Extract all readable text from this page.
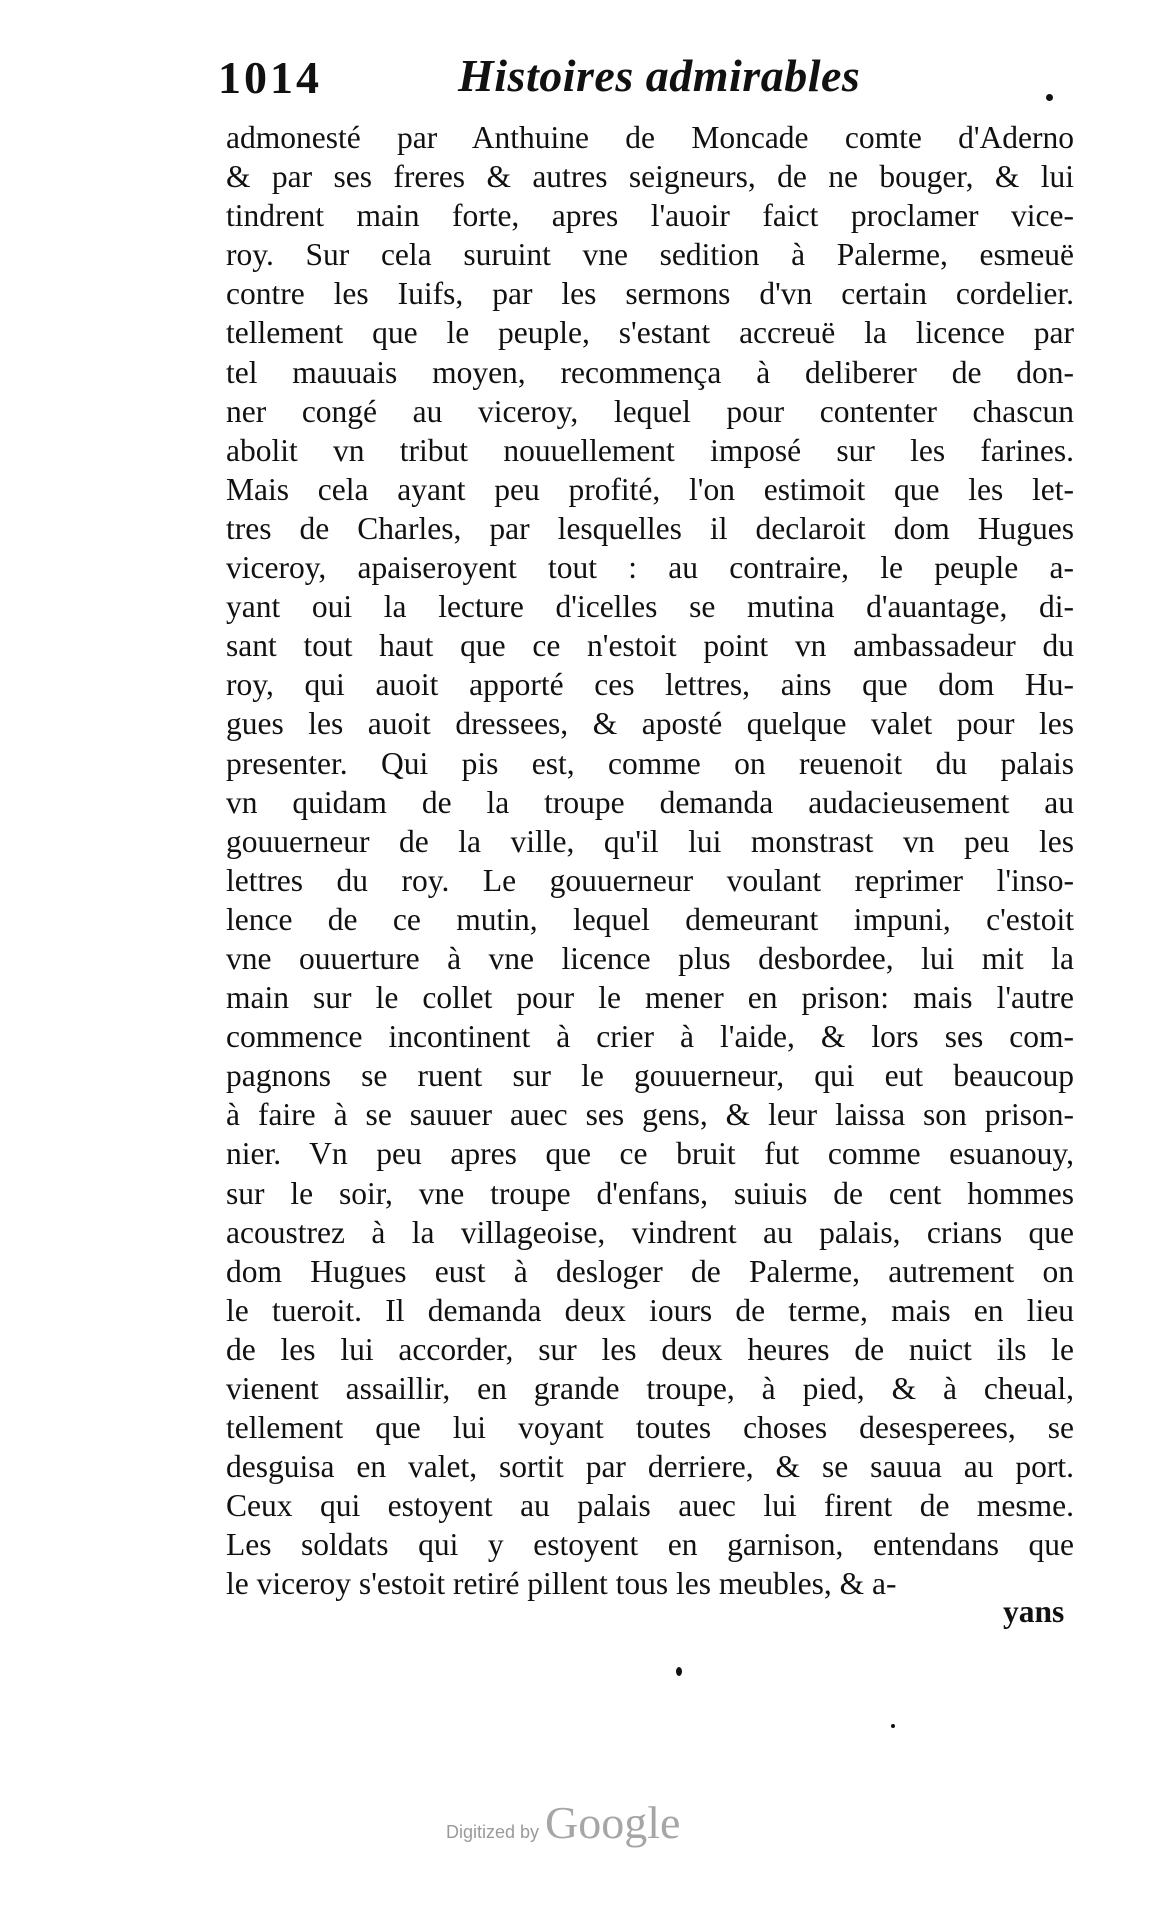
1014	Histoires admirables
admonesté par Anthuine de Moncade comte d'Aderno
& par ses freres & autres seigneurs, de ne bouger, & lui
tindrent main forte, apres l'auoir faict proclamer vice-
roy. Sur cela suruint vne sedition à Palerme, esmeuë
contre les Iuifs, par les sermons d'vn certain cordelier.
tellement que le peuple, s'estant accreuë la licence par
tel mauuais moyen, recommença à deliberer de don-
ner congé au viceroy, lequel pour contenter chascun
abolit vn tribut nouuellement imposé sur les farines.
Mais cela ayant peu profité, l'on estimoit que les let-
tres de Charles, par lesquelles il declaroit dom Hugues
viceroy, apaiseroyent tout : au contraire, le peuple a-
yant oui la lecture d'icelles se mutina d'auantage, di-
sant tout haut que ce n'estoit point vn ambassadeur du
roy, qui auoit apporté ces lettres, ains que dom Hu-
gues les auoit dressees, & aposté quelque valet pour les
presenter. Qui pis est, comme on reuenoit du palais
vn quidam de la troupe demanda audacieusement au
gouuerneur de la ville, qu'il lui monstrast vn peu les
lettres du roy. Le gouuerneur voulant reprimer l'inso-
lence de ce mutin, lequel demeurant impuni, c'estoit
vne ouuerture à vne licence plus desbordee, lui mit la
main sur le collet pour le mener en prison: mais l'autre
commence incontinent à crier à l'aide, & lors ses com-
pagnons se ruent sur le gouuerneur, qui eut beaucoup
à faire à se sauuer auec ses gens, & leur laissa son prison-
nier. Vn peu apres que ce bruit fut comme esuanouy,
sur le soir, vne troupe d'enfans, suiuis de cent hommes
acoustrez à la villageoise, vindrent au palais, crians que
dom Hugues eust à desloger de Palerme, autrement on
le tueroit. Il demanda deux iours de terme, mais en lieu
de les lui accorder, sur les deux heures de nuict ils le
vienent assaillir, en grande troupe, à pied, & à cheual,
tellement que lui voyant toutes choses desesperees, se
desguisa en valet, sortit par derriere, & se sauua au port.
Ceux qui estoyent au palais auec lui firent de mesme.
Les soldats qui y estoyent en garnison, entendans que
le viceroy s'estoit retiré pillent tous les meubles, & a-
yans
Digitized by Google
